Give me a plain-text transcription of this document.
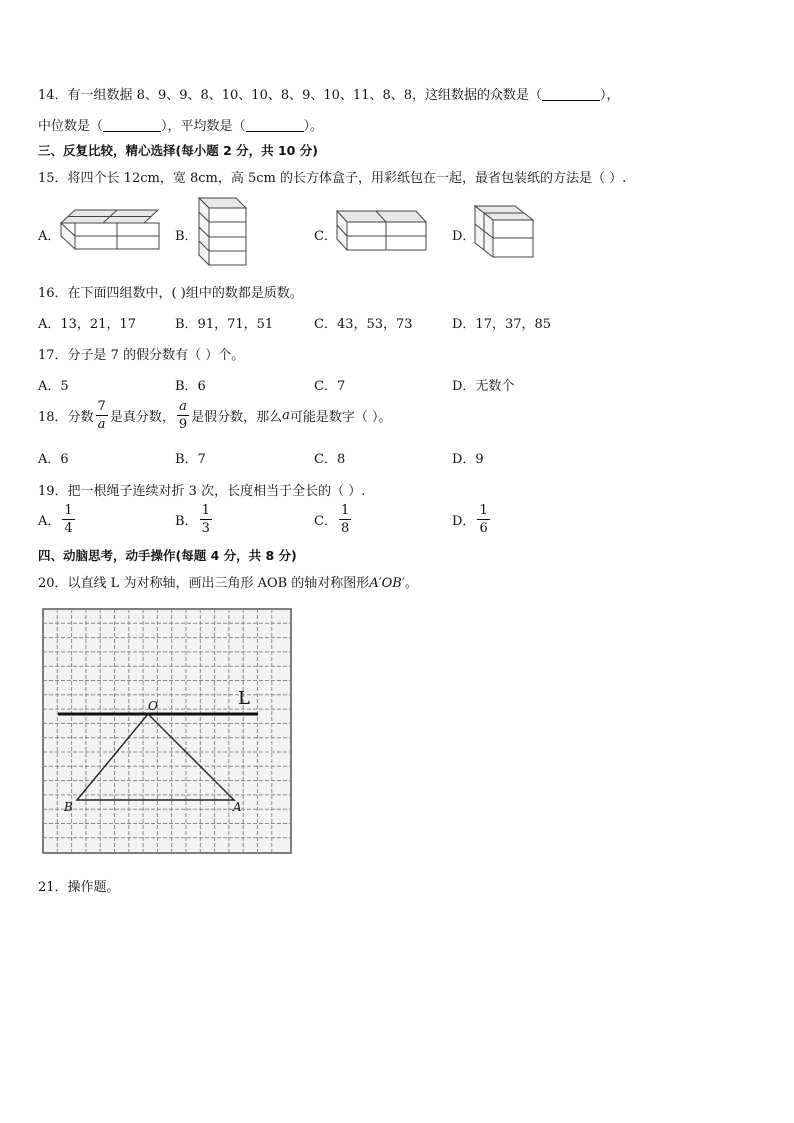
14．有一组数据 8、9、9、8、10、10、8、9、10、11、8、8，这组数据的众数是（	），
中位数是（	），平均数是（	）。
三、反复比较，精心选择(每小题 2 分，共 10 分)
15．将四个长 12cm，宽 8cm，高 5cm 的长方体盒子，用彩纸包在一起，最省包装纸的方法是（ ）.
A．	B．	C．	D．
16．在下面四组数中，( )组中的数都是质数。
A．13，21，17	B．91，71，51	C．43，53，73	D．17，37，85
17．分子是 7 的假分数有（ ）个。
A．5	B．6	C．7	D．无数个
18．分数 $\frac{7}{a}$ 是真分数， $\frac{a}{9}$ 是假分数，那么 a 可能是数字（ ）。
A．6	B．7	C．8	D．9
19．把一根绳子连续对折 3 次，长度相当于全长的（ ）.
A． $\frac{1}{4}$	B． $\frac{1}{3}$	C． $\frac{1}{8}$	D． $\frac{1}{6}$
四、动脑思考，动手操作(每题 4 分，共 8 分)
20．以直线 L 为对称轴，画出三角形 AOB 的轴对称图形A′OB′。
L
O
B	A
21．操作题。
